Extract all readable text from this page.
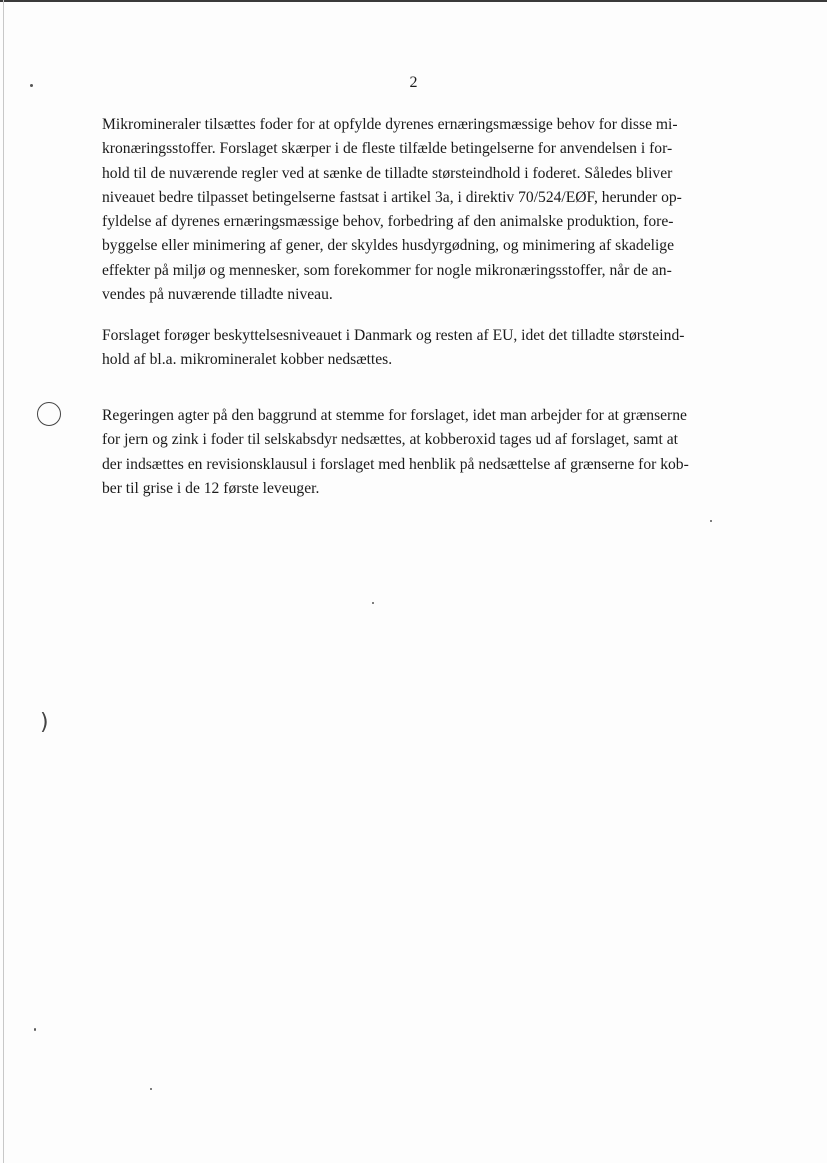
2

Mikromineraler tilsættes foder for at opfylde dyrenes ernæringsmæssige behov for disse mi-
kronæringsstoffer. Forslaget skærper i de fleste tilfælde betingelserne for anvendelsen i for-
hold til de nuværende regler ved at sænke de tilladte størsteindhold i foderet. Således bliver
niveauet bedre tilpasset betingelserne fastsat i artikel 3a, i direktiv 70/524/EØF, herunder op-
fyldelse af dyrenes ernæringsmæssige behov, forbedring af den animalske produktion, fore-
byggelse eller minimering af gener, der skyldes husdyrgødning, og minimering af skadelige
effekter på miljø og mennesker, som forekommer for nogle mikronæringsstoffer, når de an-
vendes på nuværende tilladte niveau.

Forslaget forøger beskyttelsesniveauet i Danmark og resten af EU, idet det tilladte størsteind-
hold af bl.a. mikromineralet kobber nedsættes.

Regeringen agter på den baggrund at stemme for forslaget, idet man arbejder for at grænserne
for jern og zink i foder til selskabsdyr nedsættes, at kobberoxid tages ud af forslaget, samt at
der indsættes en revisionsklausul i forslaget med henblik på nedsættelse af grænserne for kob-
ber til grise i de 12 første leveuger.

)
